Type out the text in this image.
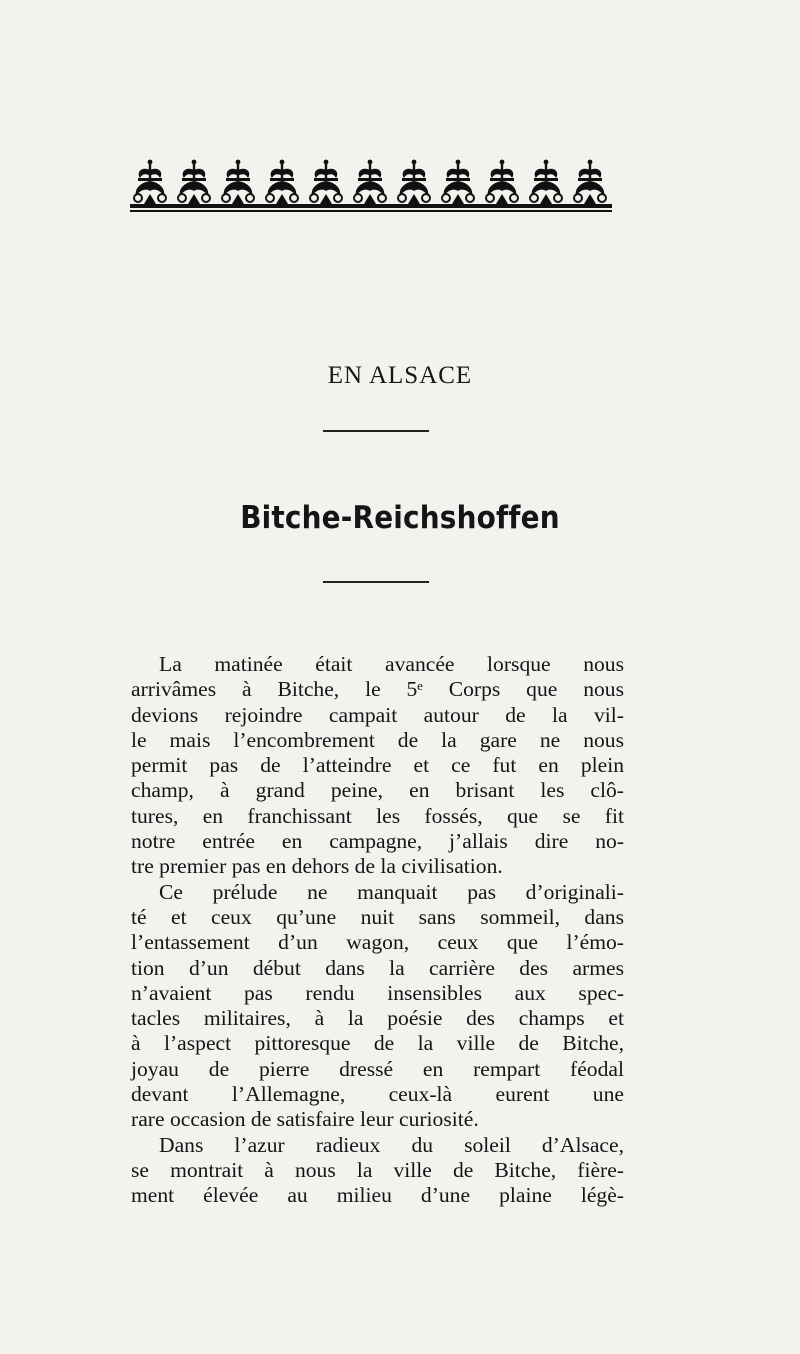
EN ALSACE
Bitche-Reichshoffen
La matinée était avancée lorsque nous
arrivâmes à Bitche, le 5ᵉ Corps que nous
devions rejoindre campait autour de la vil-
le mais l’encombrement de la gare ne nous
permit pas de l’atteindre et ce fut en plein
champ, à grand peine, en brisant les clô-
tures, en franchissant les fossés, que se fit
notre entrée en campagne, j’allais dire no-
tre premier pas en dehors de la civilisation.
Ce prélude ne manquait pas d’originali-
té et ceux qu’une nuit sans sommeil, dans
l’entassement d’un wagon, ceux que l’émo-
tion d’un début dans la carrière des armes
n’avaient pas rendu insensibles aux spec-
tacles militaires, à la poésie des champs et
à l’aspect pittoresque de la ville de Bitche,
joyau de pierre dressé en rempart féodal
devant l’Allemagne, ceux-là eurent une
rare occasion de satisfaire leur curiosité.
Dans l’azur radieux du soleil d’Alsace,
se montrait à nous la ville de Bitche, fière-
ment élevée au milieu d’une plaine légè-
